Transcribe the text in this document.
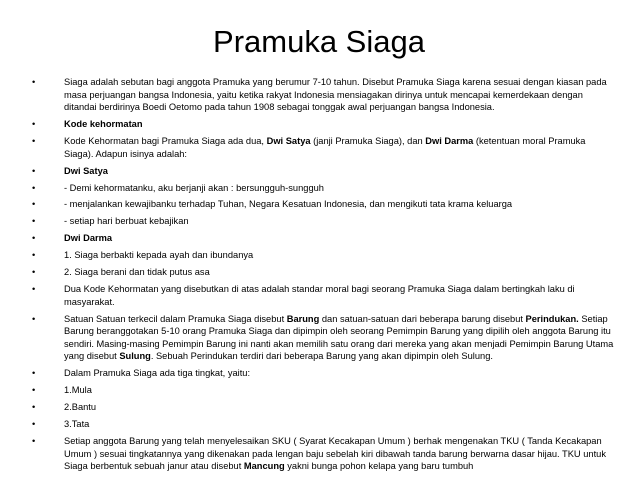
Pramuka Siaga
•	Siaga adalah sebutan bagi anggota Pramuka yang berumur 7-10 tahun. Disebut Pramuka Siaga karena sesuai dengan kiasan pada masa perjuangan bangsa Indonesia, yaitu ketika rakyat Indonesia mensiagakan dirinya untuk mencapai kemerdekaan dengan ditandai berdirinya Boedi Oetomo pada tahun 1908 sebagai tonggak awal perjuangan bangsa Indonesia.
•	Kode kehormatan
•	Kode Kehormatan bagi Pramuka Siaga ada dua, Dwi Satya (janji Pramuka Siaga), dan Dwi Darma (ketentuan moral Pramuka Siaga). Adapun isinya adalah:
•	Dwi Satya
•	- Demi kehormatanku, aku berjanji akan : bersungguh-sungguh
•	- menjalankan kewajibanku terhadap Tuhan, Negara Kesatuan Indonesia, dan mengikuti tata krama keluarga
•	- setiap hari berbuat kebajikan
•	Dwi Darma
•	1. Siaga berbakti kepada ayah dan ibundanya
•	2. Siaga berani dan tidak putus asa
•	Dua Kode Kehormatan yang disebutkan di atas adalah standar moral bagi seorang Pramuka Siaga dalam bertingkah laku di masyarakat.
•	Satuan Satuan terkecil dalam Pramuka Siaga disebut Barung dan satuan-satuan dari beberapa barung disebut Perindukan. Setiap Barung beranggotakan 5-10 orang Pramuka Siaga dan dipimpin oleh seorang Pemimpin Barung yang dipilih oleh anggota Barung itu sendiri. Masing-masing Pemimpin Barung ini nanti akan memilih satu orang dari mereka yang akan menjadi Pemimpin Barung Utama yang disebut Sulung. Sebuah Perindukan terdiri dari beberapa Barung yang akan dipimpin oleh Sulung.
•	Dalam Pramuka Siaga ada tiga tingkat, yaitu:
•	1.Mula
•	2.Bantu
•	3.Tata
•	Setiap anggota Barung yang telah menyelesaikan SKU ( Syarat Kecakapan Umum ) berhak mengenakan TKU ( Tanda Kecakapan Umum ) sesuai tingkatannya yang dikenakan pada lengan baju sebelah kiri dibawah tanda barung berwarna dasar hijau. TKU untuk Siaga berbentuk sebuah janur atau disebut Mancung yakni bunga pohon kelapa yang baru tumbuh
